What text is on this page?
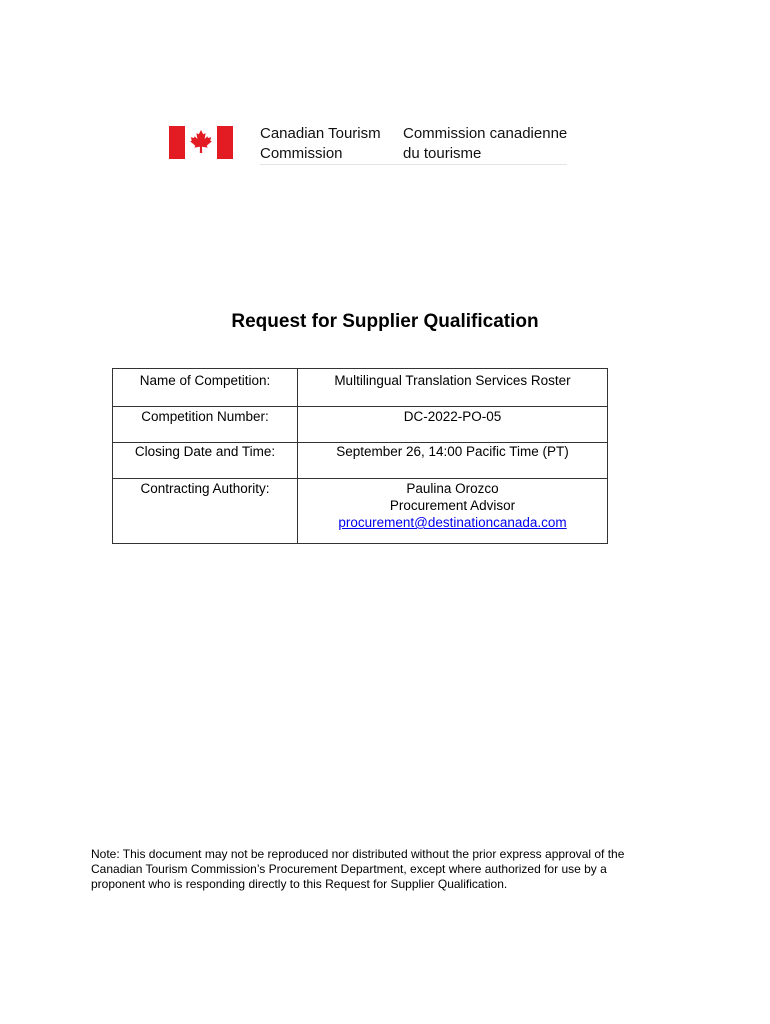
Canadian Tourism
Commission
Commission canadienne
du tourisme
Request for Supplier Qualification
Name of Competition:	Multilingual Translation Services Roster
Competition Number:	DC-2022-PO-05
Closing Date and Time:	September 26, 14:00 Pacific Time (PT)
Contracting Authority:	Paulina Orozco
Procurement Advisor
procurement@destinationcanada.com
Note: This document may not be reproduced nor distributed without the prior express approval of the
Canadian Tourism Commission’s Procurement Department, except where authorized for use by a
proponent who is responding directly to this Request for Supplier Qualification.
